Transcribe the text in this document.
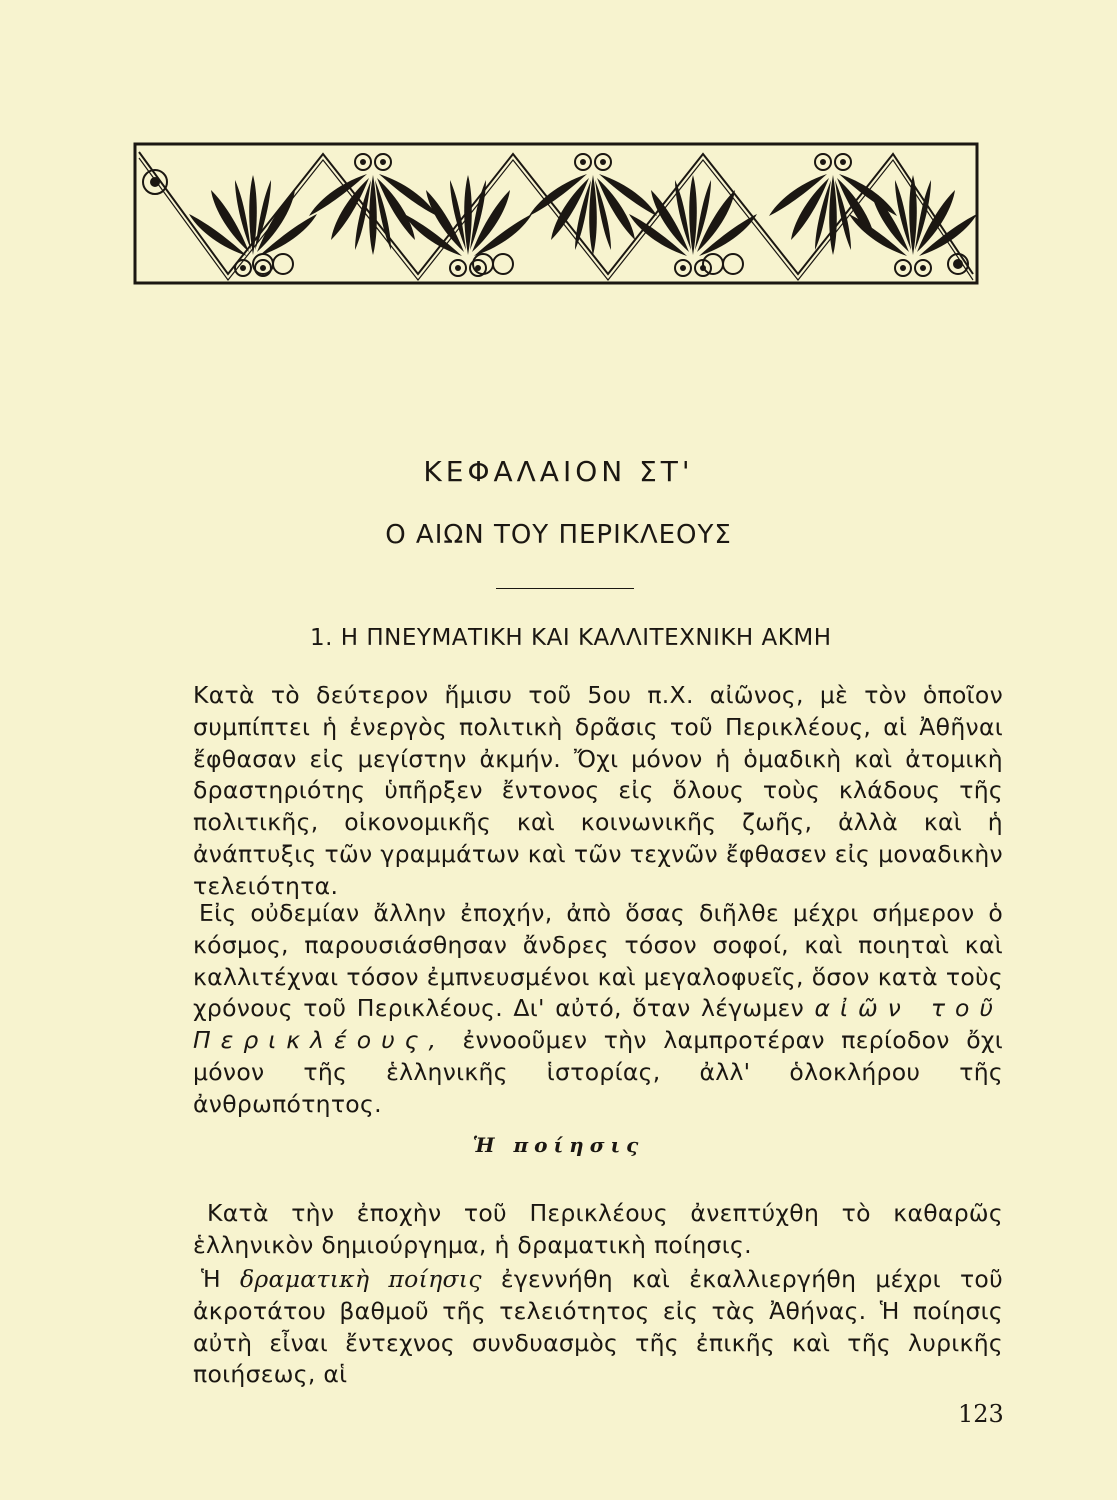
ΚΕΦΑΛΑΙΟΝ ΣΤ'
Ο ΑΙΩΝ ΤΟΥ ΠΕΡΙΚΛΕΟΥΣ
1. Η ΠΝΕΥΜΑΤΙΚΗ ΚΑΙ ΚΑΛΛΙΤΕΧΝΙΚΗ ΑΚΜΗ
Κατὰ τὸ δεύτερον ἥμισυ τοῦ 5ου π.Χ. αἰῶνος, μὲ τὸν ὁποῖον συμπίπτει ἡ ἐνεργὸς πολιτικὴ δρᾶσις τοῦ Περικλέους, αἱ Ἀθῆναι ἔφθασαν εἰς μεγίστην ἀκμήν. Ὄχι μόνον ἡ ὁμαδικὴ καὶ ἀτομικὴ δραστηριότης ὑπῆρξεν ἔντονος εἰς ὅλους τοὺς κλάδους τῆς πολιτικῆς, οἰκονομικῆς καὶ κοινωνικῆς ζωῆς, ἀλλὰ καὶ ἡ ἀνάπτυξις τῶν γραμμάτων καὶ τῶν τεχνῶν ἔφθασεν εἰς μοναδικὴν τελειότητα.
Εἰς οὐδεμίαν ἄλλην ἐποχήν, ἀπὸ ὅσας διῆλθε μέχρι σήμερον ὁ κόσμος, παρουσιάσθησαν ἄνδρες τόσον σοφοί, καὶ ποιηταὶ καὶ καλλιτέχναι τόσον ἐμπνευσμένοι καὶ μεγαλοφυεῖς, ὅσον κατὰ τοὺς χρόνους τοῦ Περικλέους. Δι' αὐτό, ὅταν λέγωμεν αἰῶν τοῦ Περικλέους, ἐννοοῦμεν τὴν λαμπροτέραν περίοδον ὄχι μόνον τῆς ἑλληνικῆς ἱστορίας, ἀλλ' ὁλοκλήρου τῆς ἀνθρωπότητος.
Ἡ ποίησις
Κατὰ τὴν ἐποχὴν τοῦ Περικλέους ἀνεπτύχθη τὸ καθαρῶς ἑλληνικὸν δημιούργημα, ἡ δραματικὴ ποίησις.
Ἡ δραματικὴ ποίησις ἐγεννήθη καὶ ἐκαλλιεργήθη μέχρι τοῦ ἀκροτάτου βαθμοῦ τῆς τελειότητος εἰς τὰς Ἀθήνας. Ἡ ποίησις αὐτὴ εἶναι ἔντεχνος συνδυασμὸς τῆς ἐπικῆς καὶ τῆς λυρικῆς ποιήσεως, αἱ
123
